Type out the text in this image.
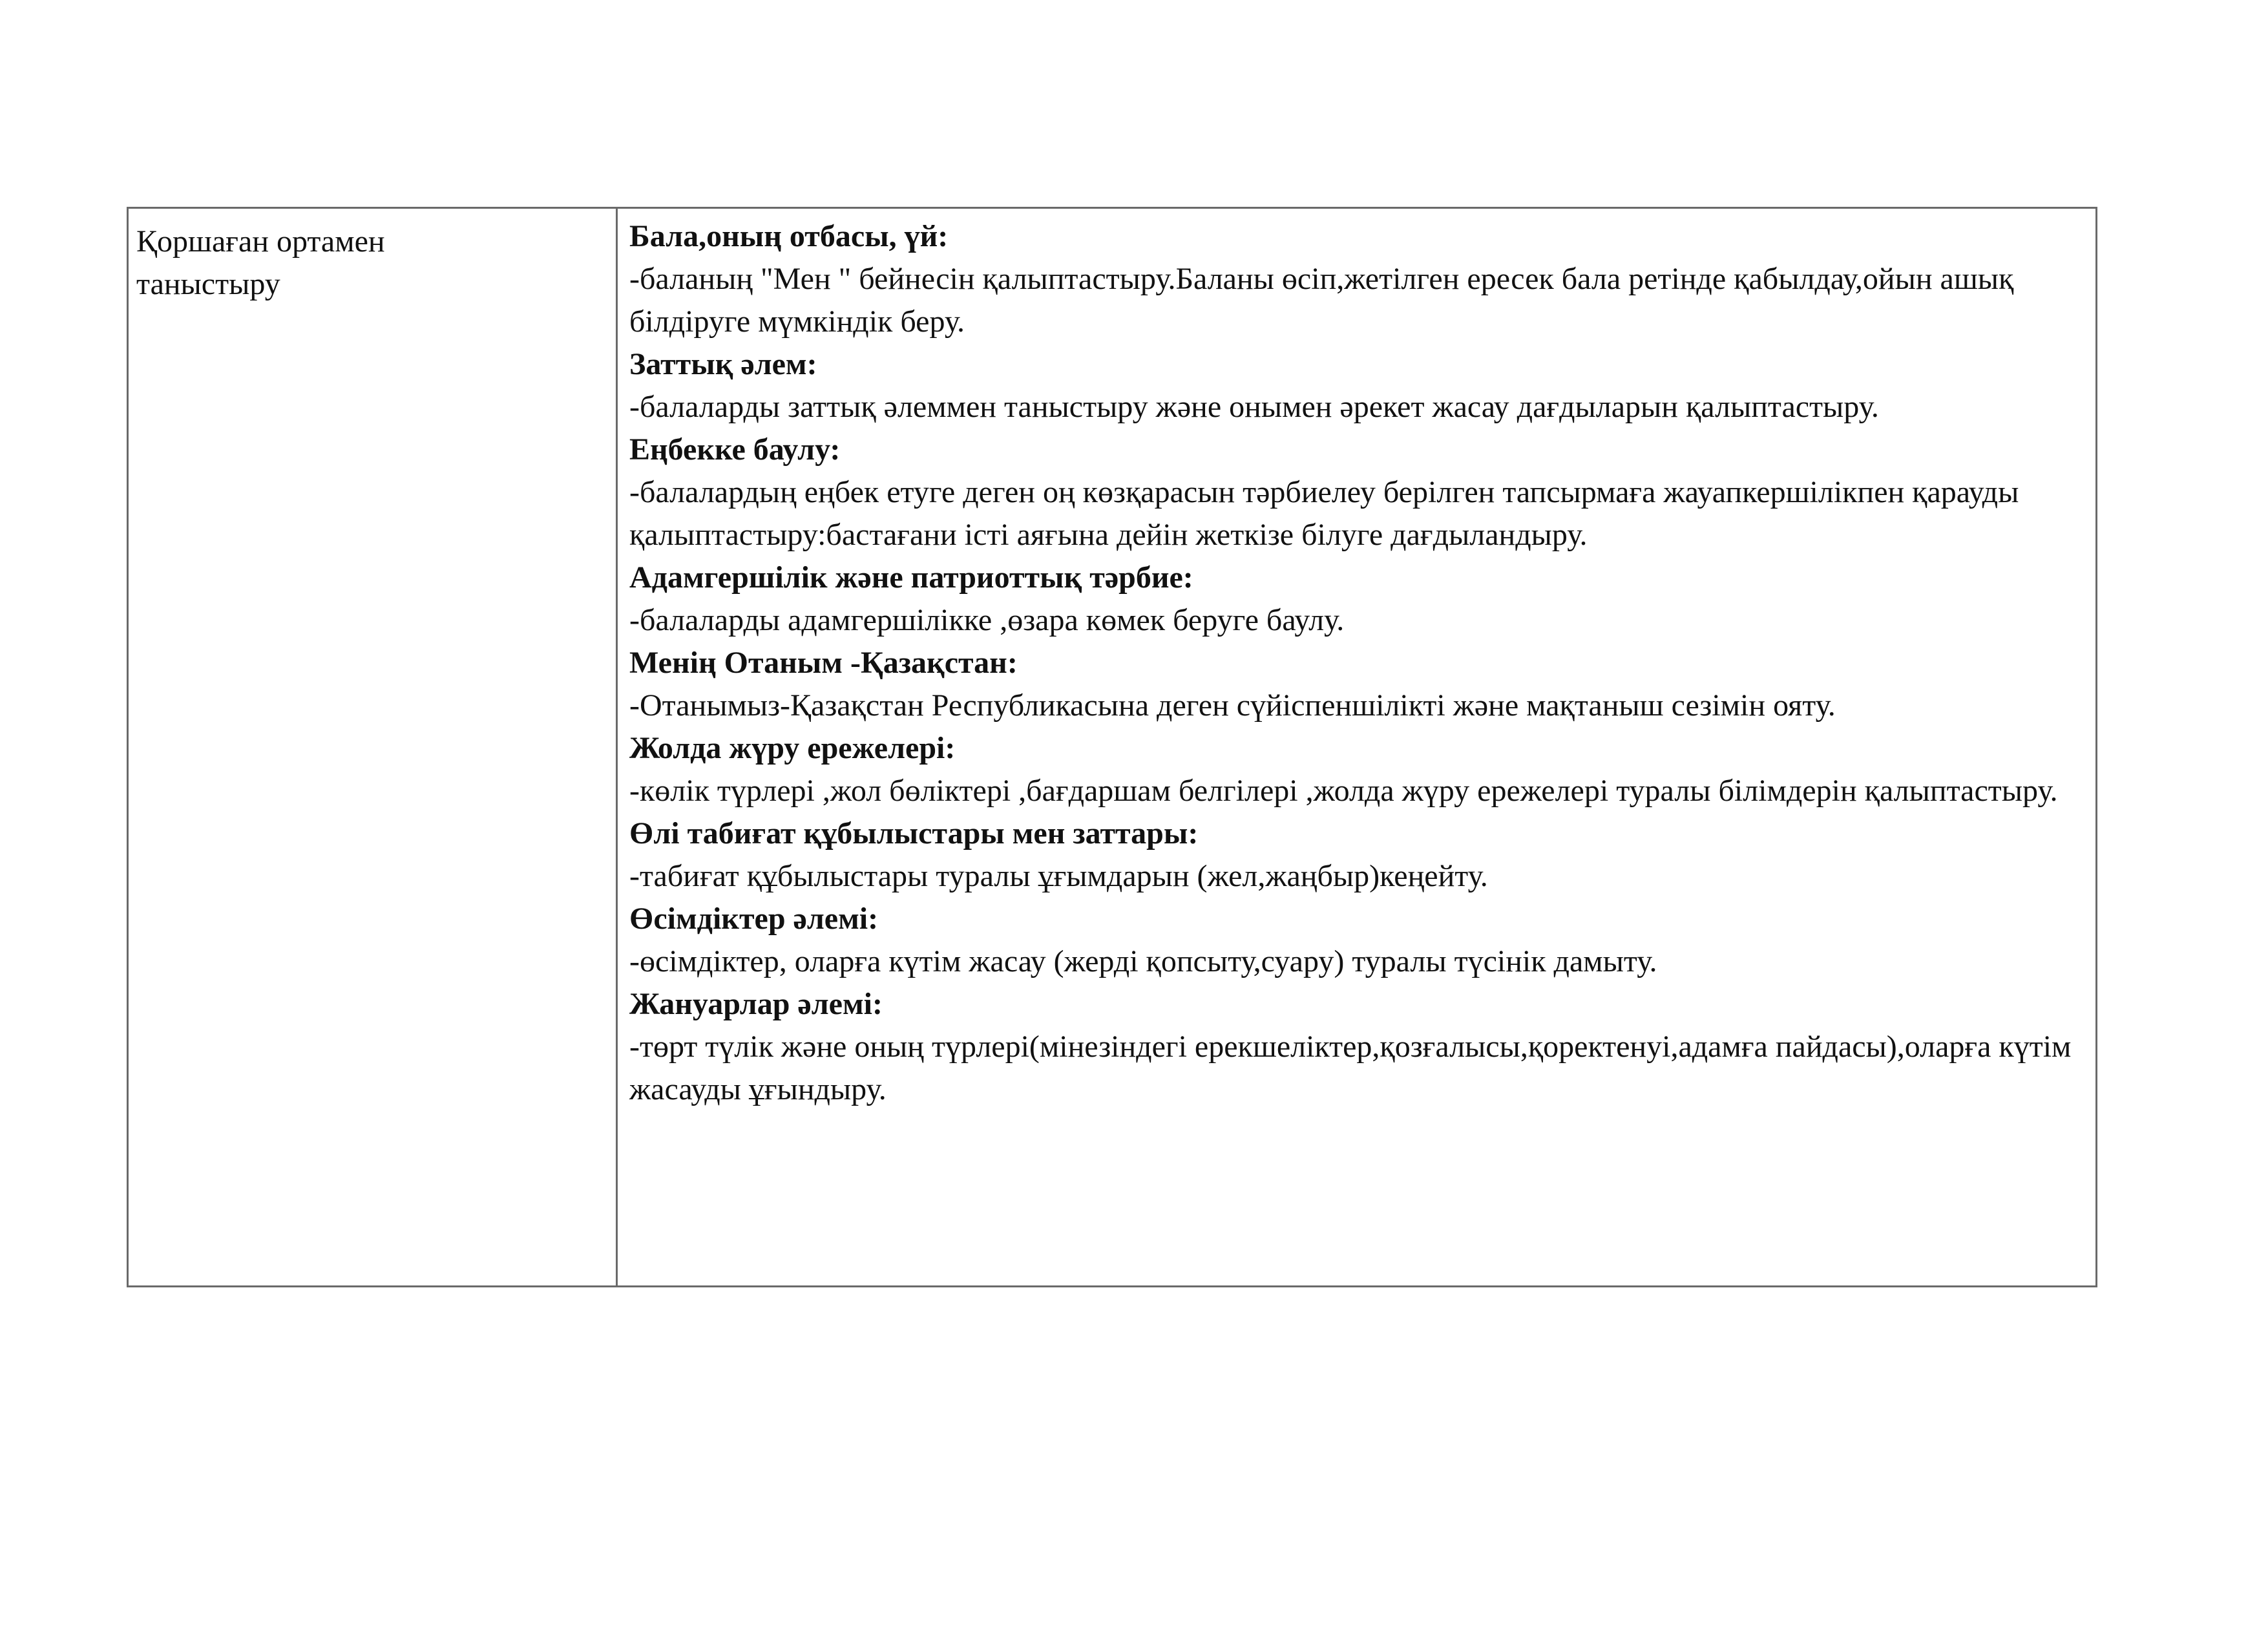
Қоршаған ортамен таныстыру

Бала,оның отбасы, үй:

-баланың "Мен " бейнесін қалыптастыру.Баланы өсіп,жетілген ересек бала ретінде қабылдау,ойын ашық білдіруге мүмкіндік беру.

Заттық әлем:

-балаларды заттық әлеммен таныстыру және онымен әрекет жасау дағдыларын қалыптастыру.

Еңбекке баулу:

-балалардың еңбек етуге деген оң көзқарасын тәрбиелеу берілген тапсырмаға жауапкершілікпен қарауды қалыптастыру:бастағани істі аяғына дейін жеткізе білуге дағдыландыру.

Адамгершілік және патриоттық тәрбие:

-балаларды адамгершілікке ,өзара көмек беруге баулу.

Менің Отаным -Қазақстан:

-Отанымыз-Қазақстан Республикасына деген сүйіспеншілікті және мақтаныш сезімін ояту.

Жолда жүру ережелері:

-көлік түрлері ,жол бөліктері ,бағдаршам белгілері ,жолда жүру ережелері туралы білімдерін қалыптастыру.

Өлі табиғат құбылыстары мен заттары:

-табиғат құбылыстары туралы ұғымдарын (жел,жаңбыр)кеңейту.

Өсімдіктер әлемі:

-өсімдіктер, оларға күтім жасау (жерді қопсыту,суару) туралы түсінік дамыту.

Жануарлар әлемі:

-төрт түлік және оның түрлері(мінезіндегі ерекшеліктер,қозғалысы,қоректенуі,адамға пайдасы),оларға күтім жасауды ұғындыру.
